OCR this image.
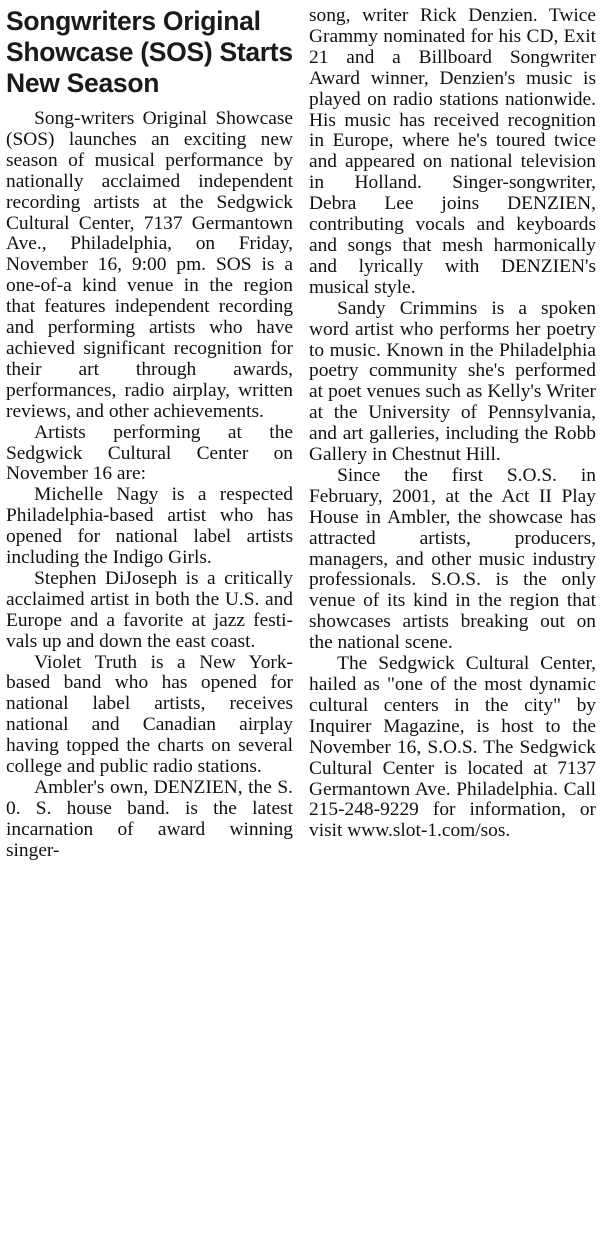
Songwriters Original Showcase (SOS) Starts New Season

Song-writers Original Showcase (SOS) launches an exciting new season of musical performance by nationally acclaimed independent recording artists at the Sedgwick Cultural Center, 7137 Germantown Ave., Philadelphia, on Friday, November 16, 9:00 pm. SOS is a one-of-a kind venue in the region that features independent recording and performing artists who have achieved significant recognition for their art through awards, performances, radio airplay, written reviews, and other achievements.

Artists performing at the Sedgwick Cultural Center on November 16 are:

Michelle Nagy is a respected Philadelphia-based artist who has opened for national label artists including the Indigo Girls.

Stephen DiJoseph is a critically acclaimed artist in both the U.S. and Europe and a favorite at jazz festivals up and down the east coast.

Violet Truth is a New York- based band who has opened for national label artists, receives national and Canadian airplay having topped the charts on several college and public radio stations.

Ambler's own, DENZIEN, the S. 0. S. house band. is the latest incarnation of award winning singer-

song, writer Rick Denzien. Twice Grammy nominated for his CD, Exit 21 and a Billboard Songwriter Award winner, Denzien's music is played on radio stations nationwide. His music has received recognition in Europe, where he's toured twice and appeared on national television in Holland. Singer-songwriter, Debra Lee joins DENZIEN, contributing vocals and keyboards and songs that mesh harmonically and lyrically with DENZIEN's musical style.

Sandy Crimmins is a spoken word artist who performs her poetry to music. Known in the Philadelphia poetry community she's performed at poet venues such as Kelly's Writer at the University of Pennsylvania, and art galleries, including the Robb Gallery in Chestnut Hill.

Since the first S.O.S. in February, 2001, at the Act II Play House in Ambler, the showcase has attracted artists, producers, managers, and other music industry professionals. S.O.S. is the only venue of its kind in the region that showcases artists breaking out on the national scene.

The Sedgwick Cultural Center, hailed as "one of the most dynamic cultural centers in the city" by Inquirer Magazine, is host to the November 16, S.O.S. The Sedgwick Cultural Center is located at 7137 Germantown Ave. Philadelphia. Call 215-248-9229 for information, or visit www.slot-1.com/sos.
